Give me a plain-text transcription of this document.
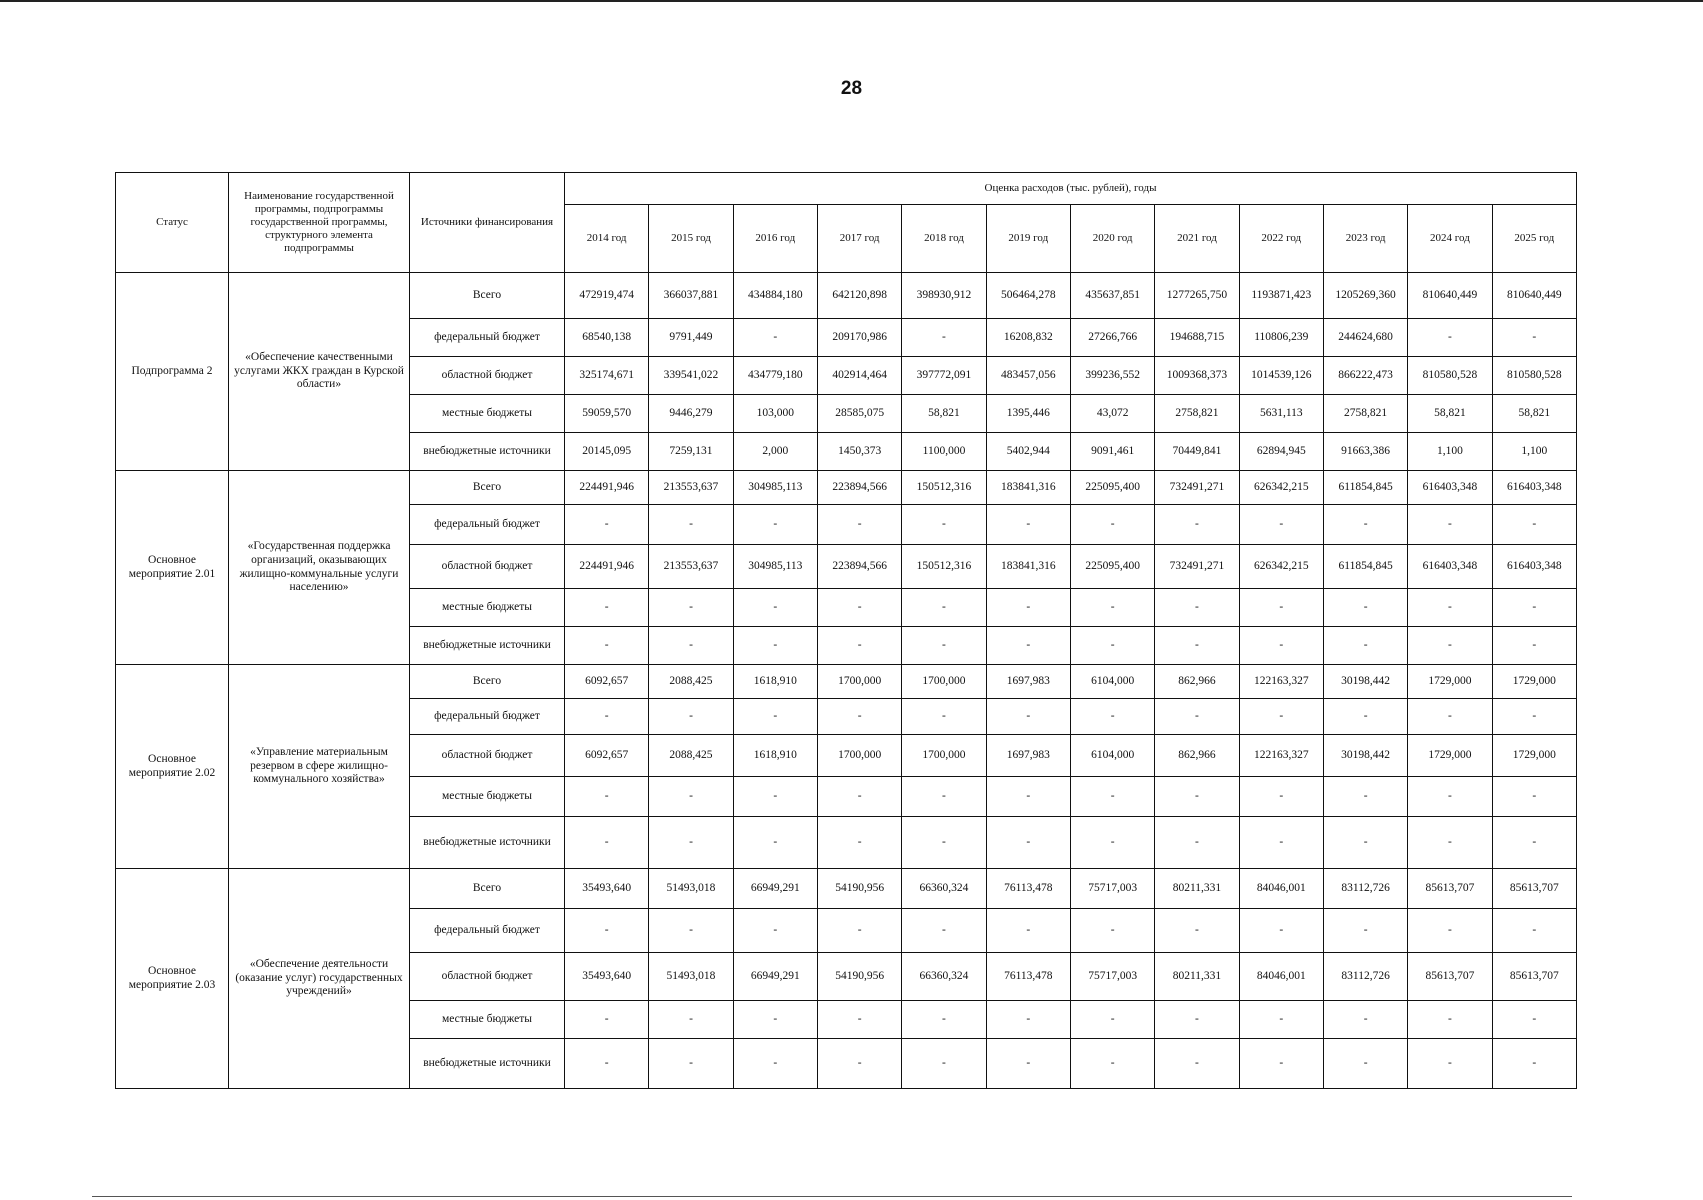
28
Статус	Наименование государственной программы, подпрограммы государственной программы, структурного элемента подпрограммы	Источники финансирования	Оценка расходов (тыс. рублей), годы											
			2014 год	2015 год	2016 год	2017 год	2018 год	2019 год	2020 год	2021 год	2022 год	2023 год	2024 год	2025 год
Подпрограмма 2	«Обеспечение качественными услугами ЖКХ граждан в Курской области»	Всего	472919,474	366037,881	434884,180	642120,898	398930,912	506464,278	435637,851	1277265,750	1193871,423	1205269,360	810640,449	810640,449
		федеральный бюджет	68540,138	9791,449	-	209170,986	-	16208,832	27266,766	194688,715	110806,239	244624,680	-	-
		областной бюджет	325174,671	339541,022	434779,180	402914,464	397772,091	483457,056	399236,552	1009368,373	1014539,126	866222,473	810580,528	810580,528
		местные бюджеты	59059,570	9446,279	103,000	28585,075	58,821	1395,446	43,072	2758,821	5631,113	2758,821	58,821	58,821
		внебюджетные источники	20145,095	7259,131	2,000	1450,373	1100,000	5402,944	9091,461	70449,841	62894,945	91663,386	1,100	1,100
Основное мероприятие 2.01	«Государственная поддержка организаций, оказывающих жилищно-коммунальные услуги населению»	Всего	224491,946	213553,637	304985,113	223894,566	150512,316	183841,316	225095,400	732491,271	626342,215	611854,845	616403,348	616403,348
		федеральный бюджет	-	-	-	-	-	-	-	-	-	-	-	-
		областной бюджет	224491,946	213553,637	304985,113	223894,566	150512,316	183841,316	225095,400	732491,271	626342,215	611854,845	616403,348	616403,348
		местные бюджеты	-	-	-	-	-	-	-	-	-	-	-	-
		внебюджетные источники	-	-	-	-	-	-	-	-	-	-	-	-
Основное мероприятие 2.02	«Управление материальным резервом в сфере жилищно-коммунального хозяйства»	Всего	6092,657	2088,425	1618,910	1700,000	1700,000	1697,983	6104,000	862,966	122163,327	30198,442	1729,000	1729,000
		федеральный бюджет	-	-	-	-	-	-	-	-	-	-	-	-
		областной бюджет	6092,657	2088,425	1618,910	1700,000	1700,000	1697,983	6104,000	862,966	122163,327	30198,442	1729,000	1729,000
		местные бюджеты	-	-	-	-	-	-	-	-	-	-	-	-
		внебюджетные источники	-	-	-	-	-	-	-	-	-	-	-	-
Основное мероприятие 2.03	«Обеспечение деятельности (оказание услуг) государственных учреждений»	Всего	35493,640	51493,018	66949,291	54190,956	66360,324	76113,478	75717,003	80211,331	84046,001	83112,726	85613,707	85613,707
		федеральный бюджет	-	-	-	-	-	-	-	-	-	-	-	-
		областной бюджет	35493,640	51493,018	66949,291	54190,956	66360,324	76113,478	75717,003	80211,331	84046,001	83112,726	85613,707	85613,707
		местные бюджеты	-	-	-	-	-	-	-	-	-	-	-	-
		внебюджетные источники	-	-	-	-	-	-	-	-	-	-	-	-
